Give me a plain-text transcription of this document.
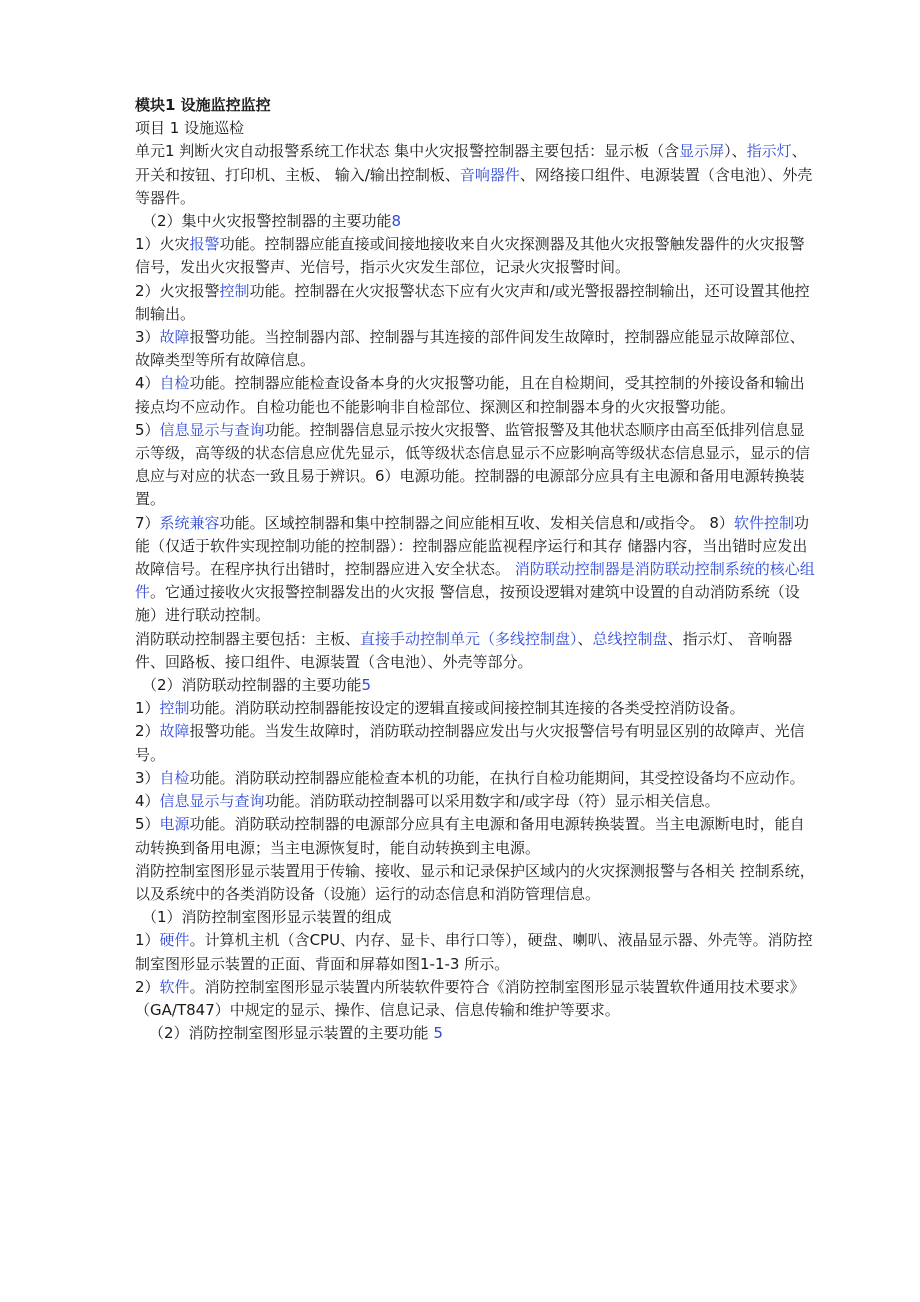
模块1 设施监控监控

项目 1 设施巡检

单元1 判断火灾自动报警系统工作状态 集中火灾报警控制器主要包括：显示板（含显示屏）、指示灯、开关和按钮、打印机、主板、 输入/输出控制板、音响器件、网络接口组件、电源装置（含电池）、外壳等器件。

（2）集中火灾报警控制器的主要功能8

1）火灾报警功能。控制器应能直接或间接地接收来自火灾探测器及其他火灾报警触发器件的火灾报警信号，发出火灾报警声、光信号，指示火灾发生部位，记录火灾报警时间。

2）火灾报警控制功能。控制器在火灾报警状态下应有火灾声和/或光警报器控制输出，还可设置其他控制输出。

3）故障报警功能。当控制器内部、控制器与其连接的部件间发生故障时，控制器应能显示故障部位、故障类型等所有故障信息。

4）自检功能。控制器应能检查设备本身的火灾报警功能，且在自检期间，受其控制的外接设备和输出接点均不应动作。自检功能也不能影响非自检部位、探测区和控制器本身的火灾报警功能。

5）信息显示与查询功能。控制器信息显示按火灾报警、监管报警及其他状态顺序由高至低排列信息显示等级，高等级的状态信息应优先显示，低等级状态信息显示不应影响高等级状态信息显示，显示的信息应与对应的状态一致且易于辨识。6）电源功能。控制器的电源部分应具有主电源和备用电源转换装置。

7）系统兼容功能。区域控制器和集中控制器之间应能相互收、发相关信息和/或指令。 8）软件控制功能（仅适于软件实现控制功能的控制器）：控制器应能监视程序运行和其存 储器内容，当出错时应发出故障信号。在程序执行出错时，控制器应进入安全状态。 消防联动控制器是消防联动控制系统的核心组件。它通过接收火灾报警控制器发出的火灾报 警信息，按预设逻辑对建筑中设置的自动消防系统（设施）进行联动控制。

消防联动控制器主要包括：主板、直接手动控制单元（多线控制盘）、总线控制盘、指示灯、 音响器件、回路板、接口组件、电源装置（含电池）、外壳等部分。

（2）消防联动控制器的主要功能5

1）控制功能。消防联动控制器能按设定的逻辑直接或间接控制其连接的各类受控消防设备。

2）故障报警功能。当发生故障时，消防联动控制器应发出与火灾报警信号有明显区别的故障声、光信号。

3）自检功能。消防联动控制器应能检查本机的功能，在执行自检功能期间，其受控设备均不应动作。

4）信息显示与查询功能。消防联动控制器可以采用数字和/或字母（符）显示相关信息。

5）电源功能。消防联动控制器的电源部分应具有主电源和备用电源转换装置。当主电源断电时，能自动转换到备用电源；当主电源恢复时，能自动转换到主电源。

消防控制室图形显示装置用于传输、接收、显示和记录保护区域内的火灾探测报警与各相关 控制系统，以及系统中的各类消防设备（设施）运行的动态信息和消防管理信息。

（1）消防控制室图形显示装置的组成

1）硬件。计算机主机（含CPU、内存、显卡、串行口等），硬盘、喇叭、液晶显示器、外壳等。消防控制室图形显示装置的正面、背面和屏幕如图1-1-3 所示。

2）软件。消防控制室图形显示装置内所装软件要符合《消防控制室图形显示装置软件通用技术要求》（GA/T847）中规定的显示、操作、信息记录、信息传输和维护等要求。

（2）消防控制室图形显示装置的主要功能 5
